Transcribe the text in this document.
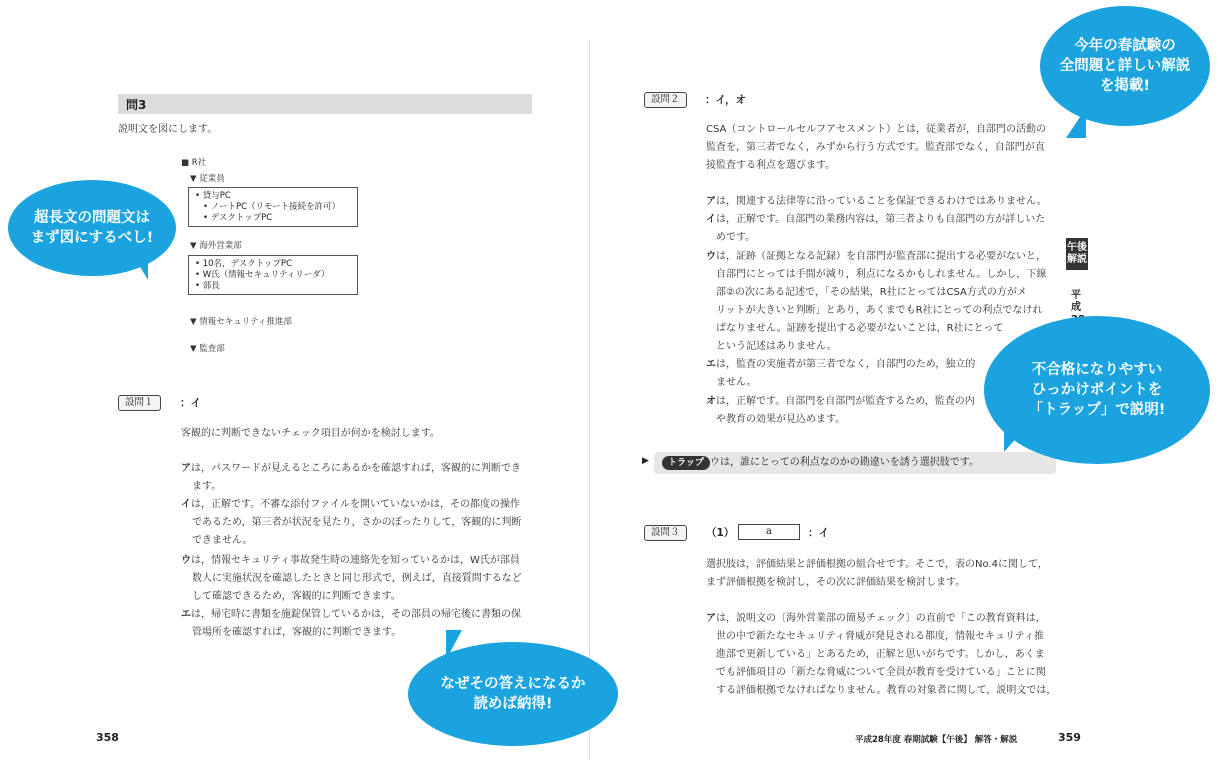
問3
説明文を図にします。
■ R社
▼ 従業員
• 貸与PC
• ノートPC（リモート接続を許可）
• デスクトップPC
▼ 海外営業部
• 10名，デスクトップPC
• W氏（情報セキュリティリーダ）
• 部長
▼ 情報セキュリティ推進部
▼ 監査部
設問１	：イ
客観的に判断できないチェック項目が何かを検討します。
アは，パスワードが見えるところにあるかを確認すれば，客観的に判断でき
ます。
イは，正解です。不審な添付ファイルを開いていないかは，その都度の操作
であるため，第三者が状況を見たり，さかのぼったりして，客観的に判断
できません。
ウは，情報セキュリティ事故発生時の連絡先を知っているかは，W氏が部員
数人に実施状況を確認したときと同じ形式で，例えば，直接質問するなど
して確認できるため，客観的に判断できます。
エは，帰宅時に書類を施錠保管しているかは，その部員の帰宅後に書類の保
管場所を確認すれば，客観的に判断できます。
358
設問２	：イ，オ
CSA（コントロールセルフアセスメント）とは，従業者が，自部門の活動の
監査を，第三者でなく，みずから行う方式です。監査部でなく，自部門が直
接監査する利点を選びます。
アは，関連する法律等に沿っていることを保証できるわけではありません。
イは，正解です。自部門の業務内容は，第三者よりも自部門の方が詳しいた
めです。
ウは，証跡（証拠となる記録）を自部門が監査部に提出する必要がないと，
自部門にとっては手間が減り，利点になるかもしれません。しかし，下線
部②の次にある記述で，「その結果，R社にとってはCSA方式の方がメ
リットが大きいと判断」とあり，あくまでもR社にとっての利点でなけれ
ばなりません。証跡を提出する必要がないことは，R社にとって
という記述はありません。
エは，監査の実施者が第三者でなく，自部門のため，独立的
ません。
オは，正解です。自部門を自部門が監査するため，監査の内
や教育の効果が見込めます。
▶	トラップ ウは，誰にとっての利点なのかの勘違いを誘う選択肢です。
設問３	（1）	a	：イ
選択肢は，評価結果と評価根拠の組合せです。そこで，表のNo.4に関して，
まず評価根拠を検討し，その次に評価結果を検討します。
アは，説明文の〔海外営業部の簡易チェック〕の直前で「この教育資料は，
世の中で新たなセキュリティ脅威が発見される都度，情報セキュリティ推
進部で更新している」とあるため，正解と思いがちです。しかし，あくま
でも評価項目の「新たな脅威について全員が教育を受けている」ことに関
する評価根拠でなければなりません。教育の対象者に関して，説明文では，
午後解説
平成
平成28年度 春期試験【午後】 解答・解説	359
超長文の問題文は
まず図にするべし!
なぜその答えになるか
読めば納得!
今年の春試験の
全問題と詳しい解説
を掲載!
不合格になりやすい
ひっかけポイントを
「トラップ」で説明!
